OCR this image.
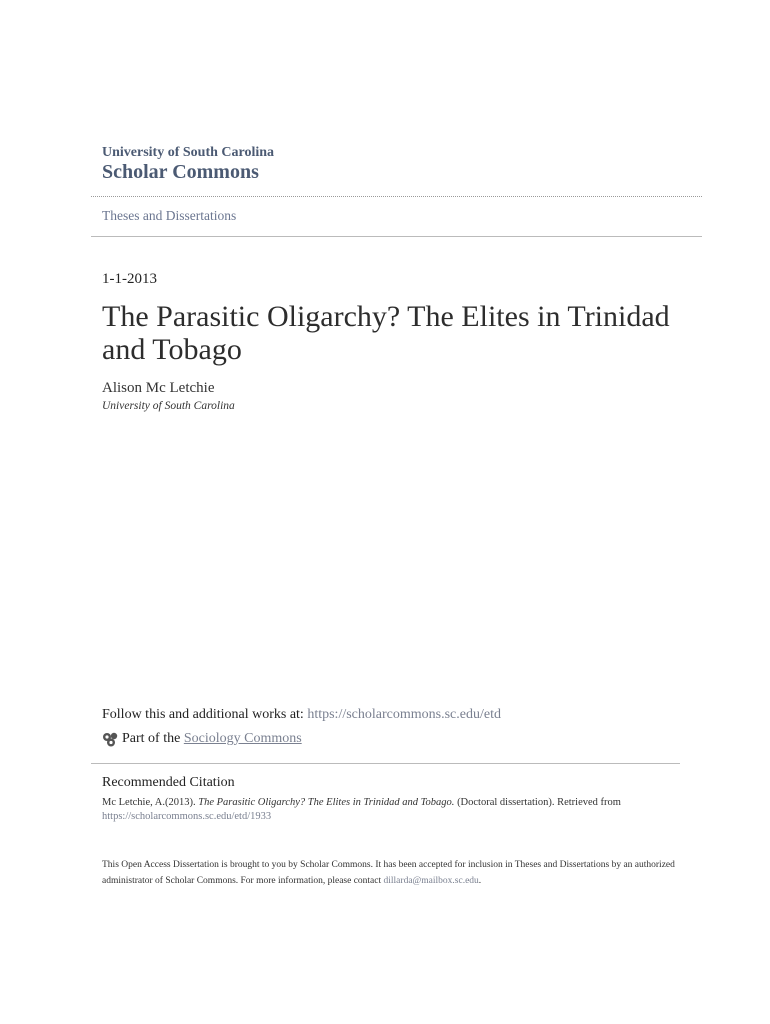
University of South Carolina
Scholar Commons
Theses and Dissertations
1-1-2013
The Parasitic Oligarchy? The Elites in Trinidad and Tobago
Alison Mc Letchie
University of South Carolina
Follow this and additional works at: https://scholarcommons.sc.edu/etd
Part of the
Sociology Commons
Recommended Citation
Mc Letchie, A.(2013). The Parasitic Oligarchy? The Elites in Trinidad and Tobago. (Doctoral dissertation). Retrieved from
https://scholarcommons.sc.edu/etd/1933
This Open Access Dissertation is brought to you by Scholar Commons. It has been accepted for inclusion in Theses and Dissertations by an authorized administrator of Scholar Commons. For more information, please contact dillarda@mailbox.sc.edu.
